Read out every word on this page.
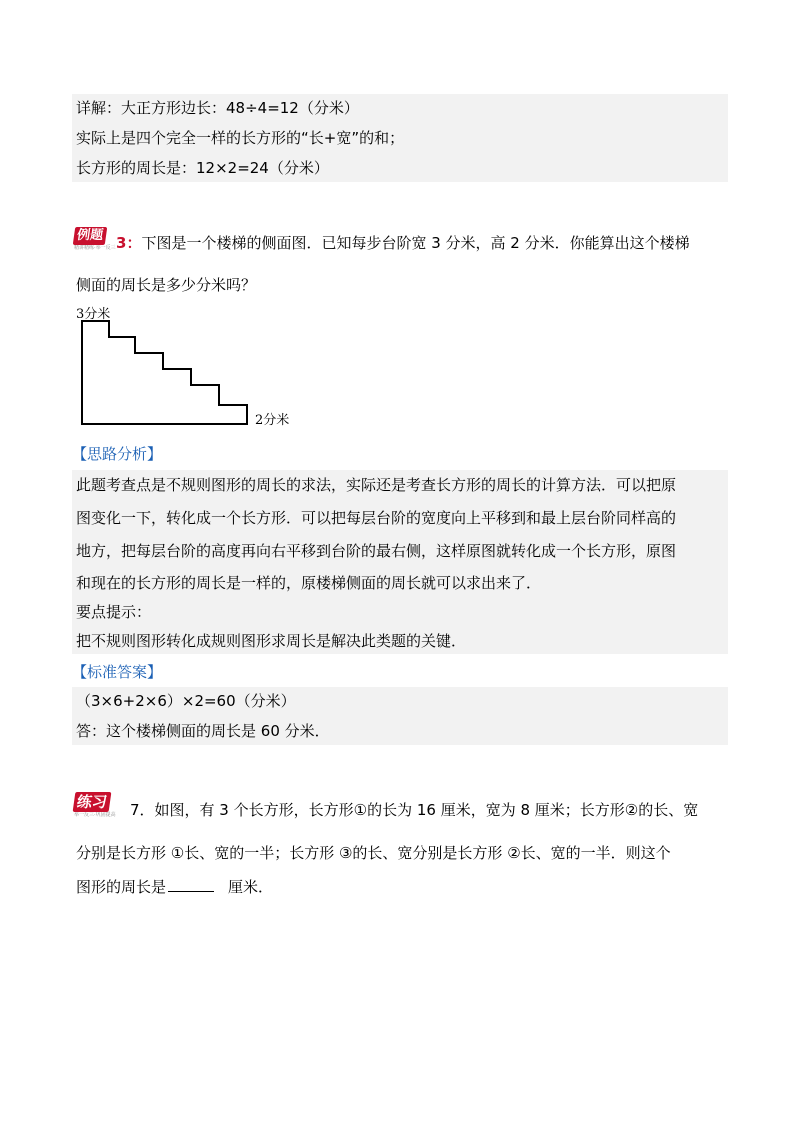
详解：大正方形边长：48÷4=12（分米）
实际上是四个完全一样的长方形的“长+宽”的和；
长方形的周长是：12×2=24（分米）
例题
精讲精练·举一反三 3：下图是一个楼梯的侧面图．已知每步台阶宽 3 分米，高 2 分米．你能算出这个楼梯
侧面的周长是多少分米吗？
3分米
2分米
【思路分析】
此题考查点是不规则图形的周长的求法，实际还是考查长方形的周长的计算方法．可以把原
图变化一下，转化成一个长方形．可以把每层台阶的宽度向上平移到和最上层台阶同样高的
地方，把每层台阶的高度再向右平移到台阶的最右侧，这样原图就转化成一个长方形，原图
和现在的长方形的周长是一样的，原楼梯侧面的周长就可以求出来了．
要点提示：
把不规则图形转化成规则图形求周长是解决此类题的关键．
【标准答案】
（3×6+2×6）×2=60（分米）
答：这个楼梯侧面的周长是 60 分米．
练习
举一反三·巩固提高 7．如图，有 3 个长方形，长方形①的长为 16 厘米，宽为 8 厘米；长方形②的长、宽
分别是长方形 ①长、宽的一半；长方形 ③的长、宽分别是长方形 ②长、宽的一半．则这个
图形的周长是	厘米．
